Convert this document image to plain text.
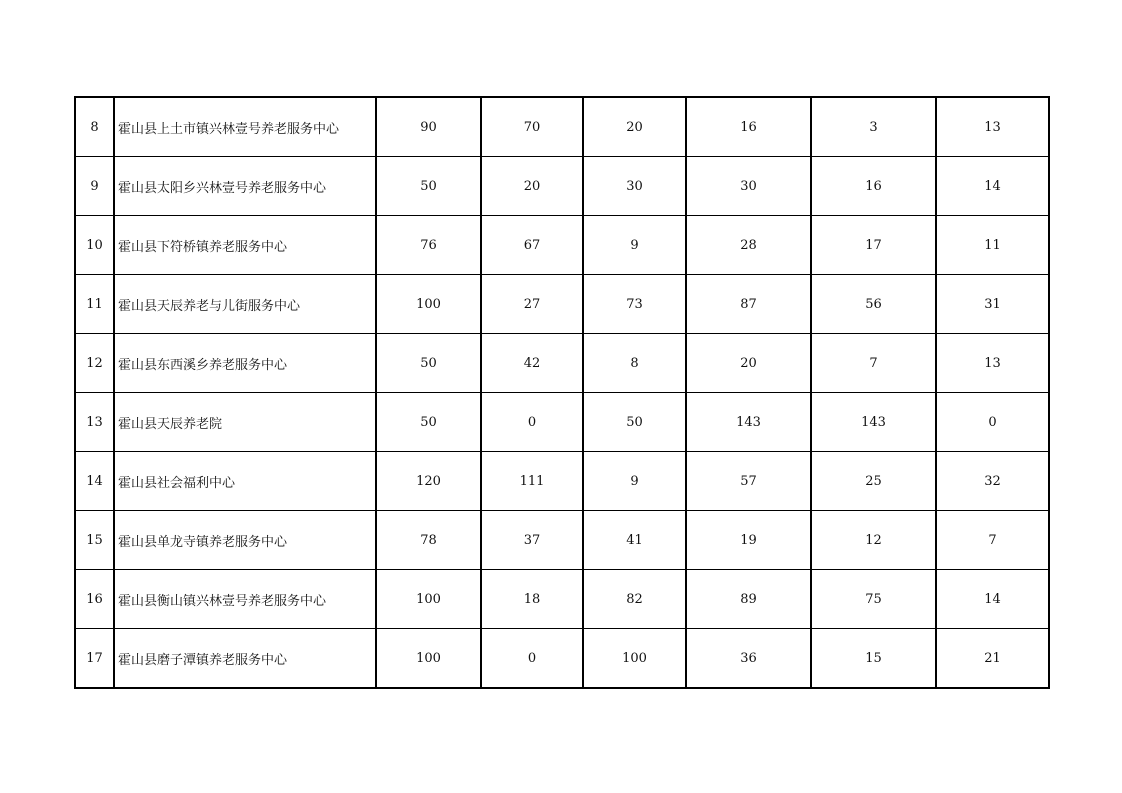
8	霍山县上土市镇兴林壹号养老服务中心	90	70	20	16	3	13
9	霍山县太阳乡兴林壹号养老服务中心	50	20	30	30	16	14
10	霍山县下符桥镇养老服务中心	76	67	9	28	17	11
11	霍山县天辰养老与儿街服务中心	100	27	73	87	56	31
12	霍山县东西溪乡养老服务中心	50	42	8	20	7	13
13	霍山县天辰养老院	50	0	50	143	143	0
14	霍山县社会福利中心	120	111	9	57	25	32
15	霍山县单龙寺镇养老服务中心	78	37	41	19	12	7
16	霍山县衡山镇兴林壹号养老服务中心	100	18	82	89	75	14
17	霍山县磨子潭镇养老服务中心	100	0	100	36	15	21
